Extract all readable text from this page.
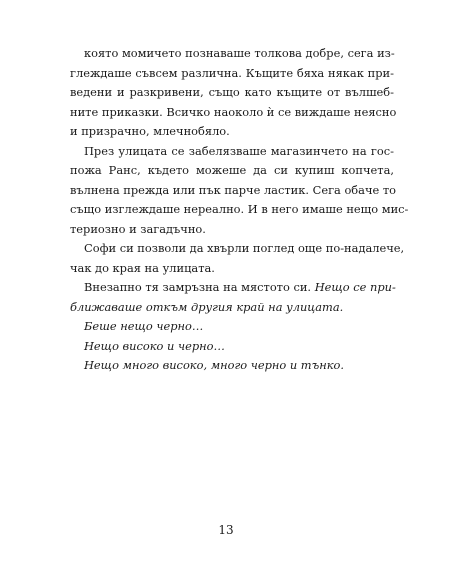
която момичето познаваше толкова добре, сега из-
глеждаше съвсем различна. Къщите бяха някак при-
ведени и разкривени, също като къщите от вълшеб-
ните приказки. Всичко наоколо ѝ се виждаше неясно
и призрачно, млечнобяло.

През улицата се забелязваше магазинчето на гос-
пожа Ранс, където можеше да си купиш копчета,
вълнена прежда или пък парче ластик. Сега обаче то
също изглеждаше нереално. И в него имаше нещо мис-
териозно и загадъчно.

Софи си позволи да хвърли поглед още по-надалече,
чак до края на улицата.

Внезапно тя замръзна на мястото си. Нещо се при-
ближаваше откъм другия край на улицата.

Беше нещо черно…

Нещо високо и черно…

Нещо много високо, много черно и тънко.

13
